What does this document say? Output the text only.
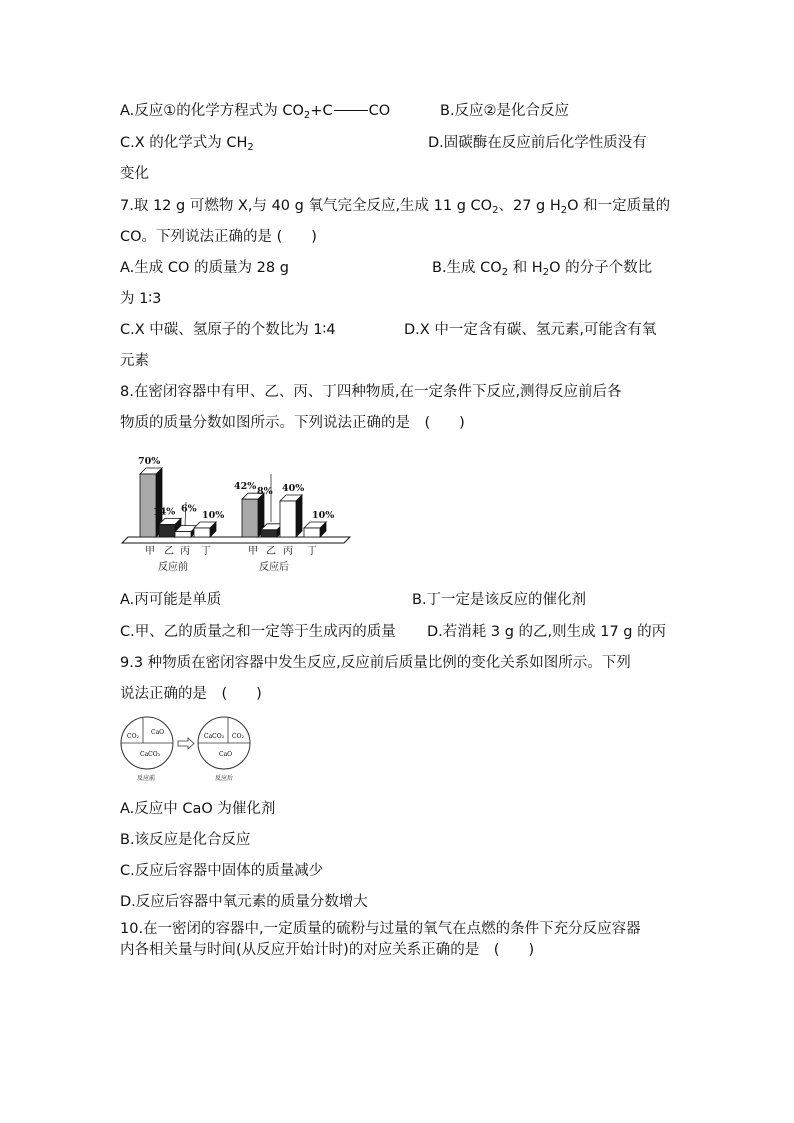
A.反应①的化学方程式为 $CO_2+C$ CO	B.反应②是化合反应
C.X 的化学式为 $CH_2$	D.固碳酶在反应前后化学性质没有
变化
7.取 12 g 可燃物 X,与 40 g 氧气完全反应,生成 11 g $CO_2$、27 g $H_2O$ 和一定质量的
CO。下列说法正确的是 (　　)
A.生成 CO 的质量为 28 g	B.生成 $CO_2$ 和 $H_2O$ 的分子个数比
为 1∶3
C.X 中碳、氢原子的个数比为 1∶4	D.X 中一定含有碳、氢元素,可能含有氧
元素
8.在密闭容器中有甲、乙、丙、丁四种物质,在一定条件下反应,测得反应前后各
物质的质量分数如图所示。下列说法正确的是　(　　)
70%
14% 6%
10%
42% 8% 40%
10%
甲 乙 丙 丁
反应前
甲 乙 丙 丁
反应后
A.丙可能是单质	B.丁一定是该反应的催化剂
C.甲、乙的质量之和一定等于生成丙的质量 D.若消耗 3 g 的乙,则生成 17 g 的丙
9.3 种物质在密闭容器中发生反应,反应前后质量比例的变化关系如图所示。下列
说法正确的是　(　　)
CO₂
CaO
CaCO₃
反应前
CaCO₃ CO₂
CaO
反应后
A.反应中 CaO 为催化剂
B.该反应是化合反应
C.反应后容器中固体的质量减少
D.反应后容器中氧元素的质量分数增大
10.在一密闭的容器中,一定质量的硫粉与过量的氧气在点燃的条件下充分反应容器
内各相关量与时间(从反应开始计时)的对应关系正确的是　(　　)
